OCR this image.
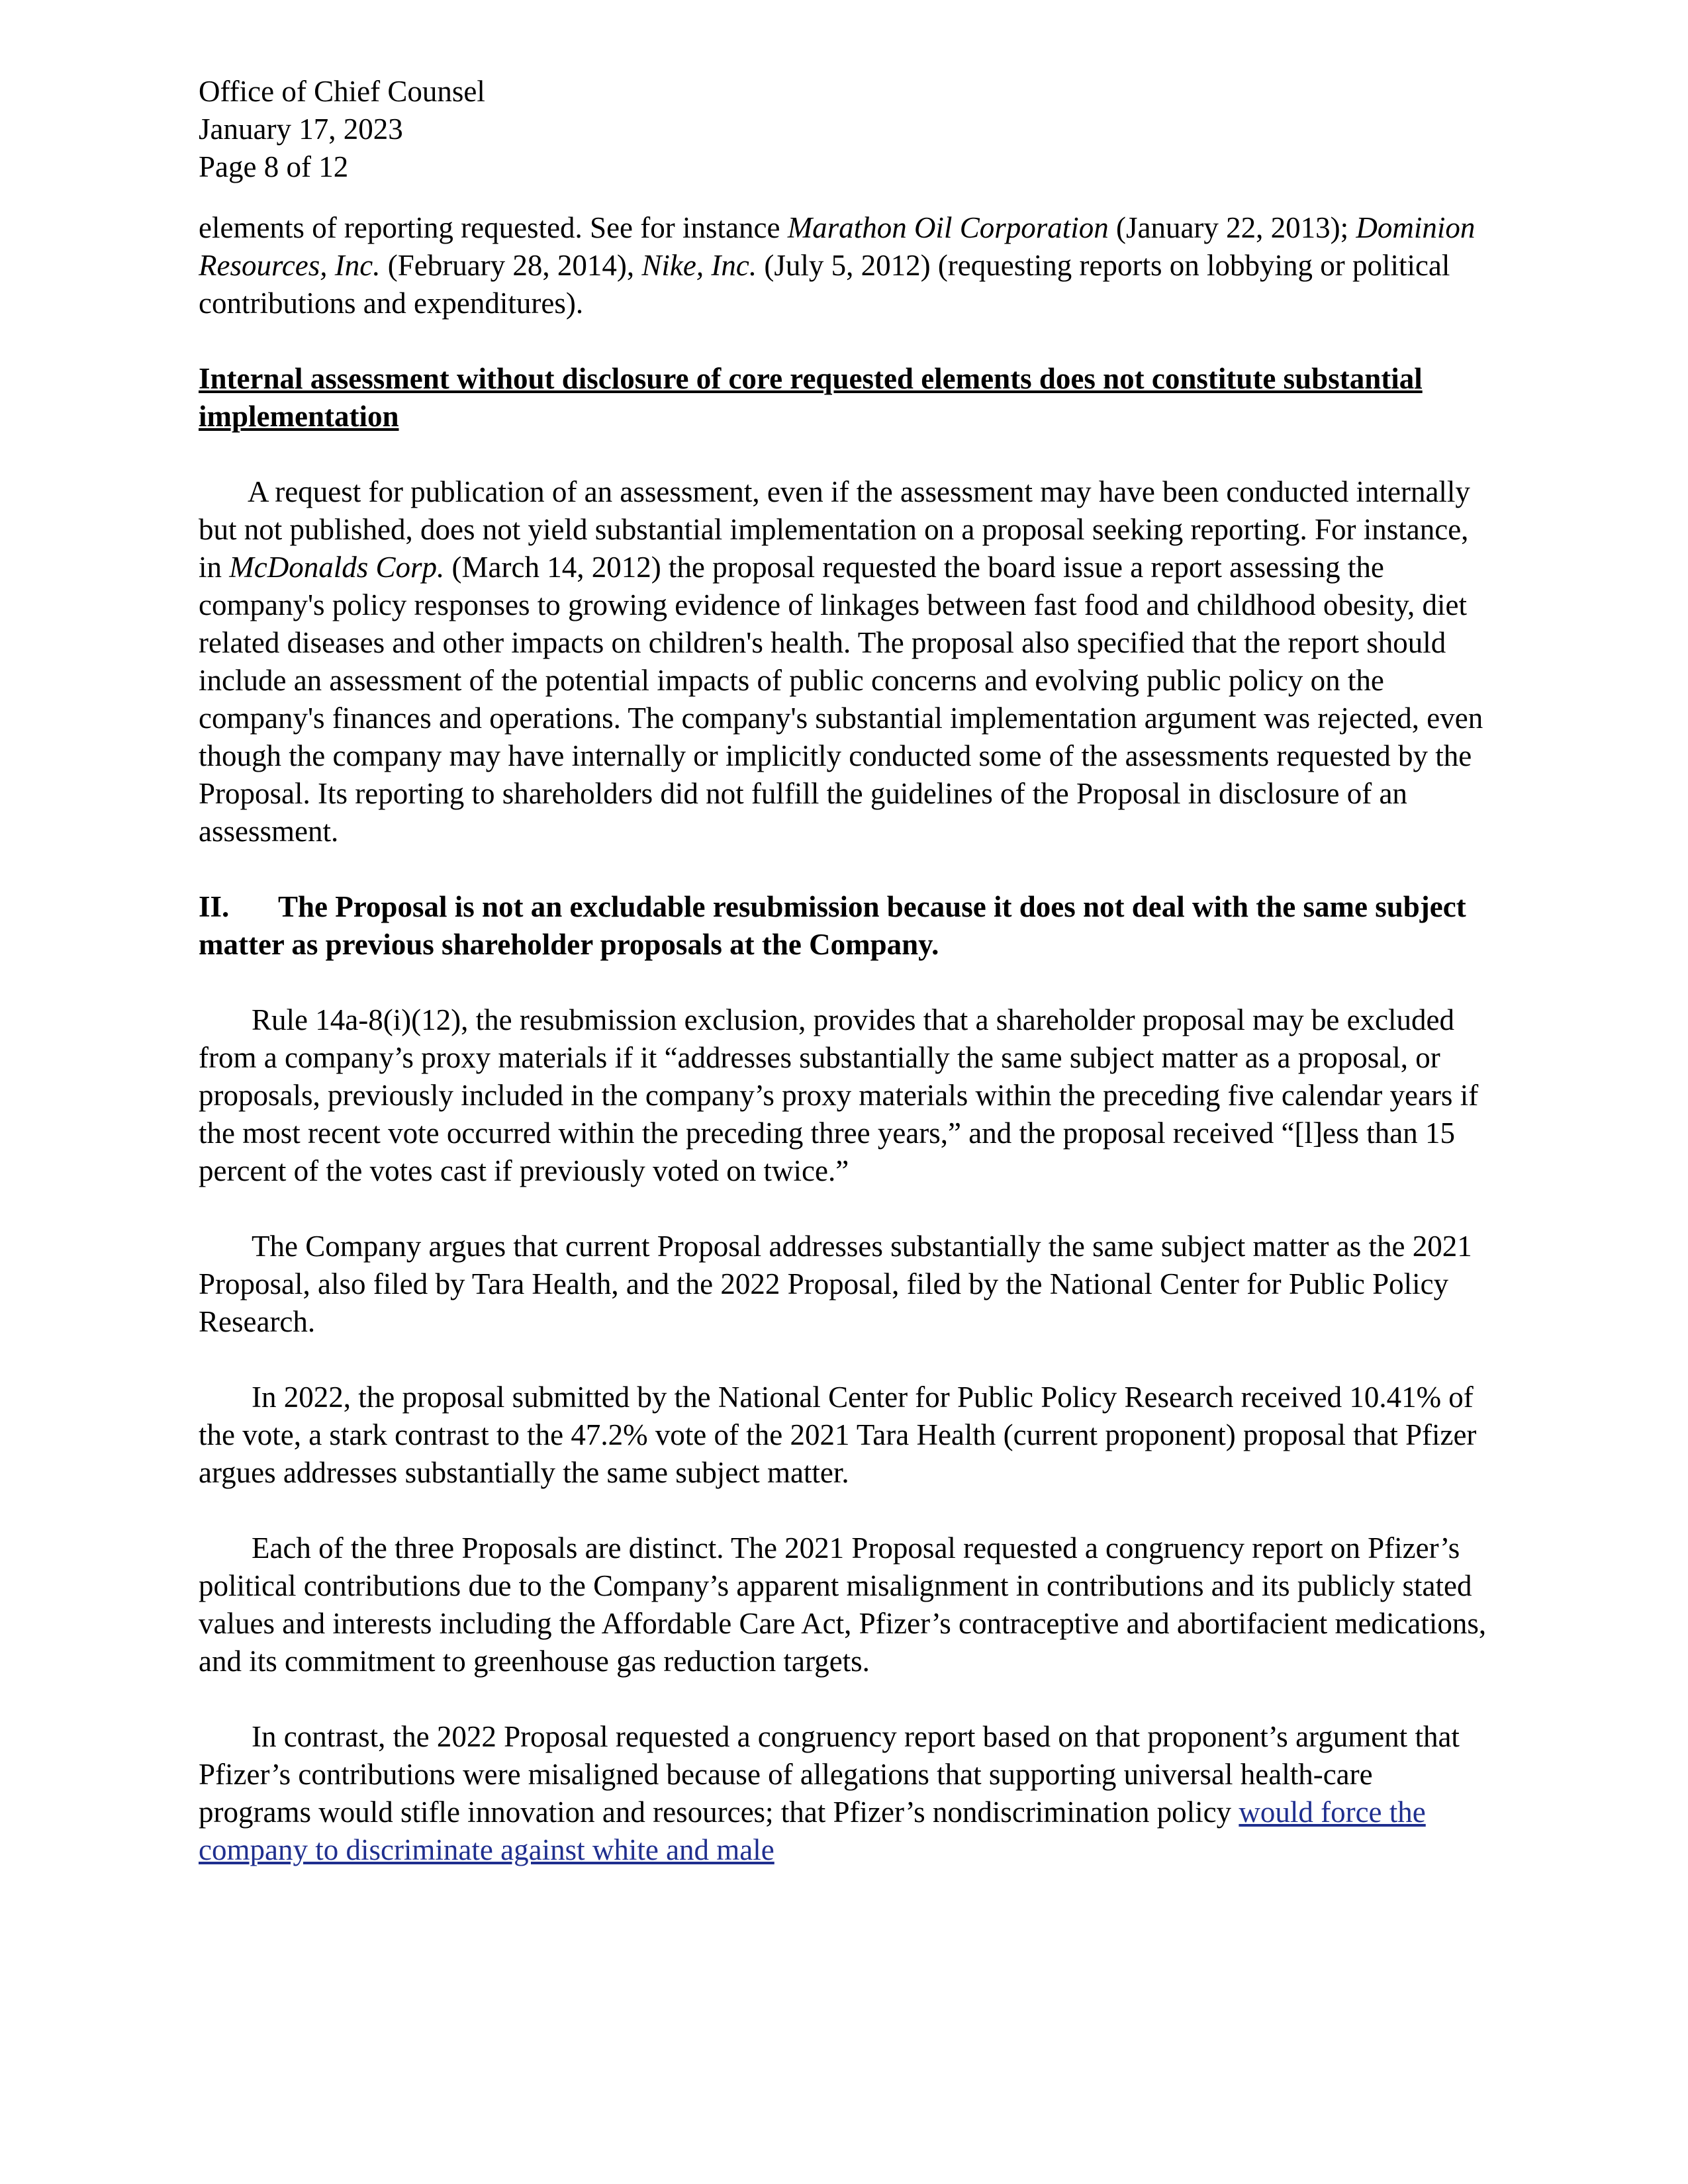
Office of Chief Counsel
January 17, 2023
Page 8 of 12

elements of reporting requested. See for instance Marathon Oil Corporation (January 22, 2013); Dominion Resources, Inc. (February 28, 2014), Nike, Inc. (July 5, 2012) (requesting reports on lobbying or political contributions and expenditures).

Internal assessment without disclosure of core requested elements does not constitute substantial implementation

A request for publication of an assessment, even if the assessment may have been conducted internally but not published, does not yield substantial implementation on a proposal seeking reporting. For instance, in McDonalds Corp. (March 14, 2012) the proposal requested the board issue a report assessing the company's policy responses to growing evidence of linkages between fast food and childhood obesity, diet related diseases and other impacts on children's health. The proposal also specified that the report should include an assessment of the potential impacts of public concerns and evolving public policy on the company's finances and operations. The company's substantial implementation argument was rejected, even though the company may have internally or implicitly conducted some of the assessments requested by the Proposal. Its reporting to shareholders did not fulfill the guidelines of the Proposal in disclosure of an assessment.

II. The Proposal is not an excludable resubmission because it does not deal with the same subject matter as previous shareholder proposals at the Company.

Rule 14a-8(i)(12), the resubmission exclusion, provides that a shareholder proposal may be excluded from a company’s proxy materials if it “addresses substantially the same subject matter as a proposal, or proposals, previously included in the company’s proxy materials within the preceding five calendar years if the most recent vote occurred within the preceding three years,” and the proposal received “[l]ess than 15 percent of the votes cast if previously voted on twice.”

The Company argues that current Proposal addresses substantially the same subject matter as the 2021 Proposal, also filed by Tara Health, and the 2022 Proposal, filed by the National Center for Public Policy Research.

In 2022, the proposal submitted by the National Center for Public Policy Research received 10.41% of the vote, a stark contrast to the 47.2% vote of the 2021 Tara Health (current proponent) proposal that Pfizer argues addresses substantially the same subject matter.

Each of the three Proposals are distinct. The 2021 Proposal requested a congruency report on Pfizer’s political contributions due to the Company’s apparent misalignment in contributions and its publicly stated values and interests including the Affordable Care Act, Pfizer’s contraceptive and abortifacient medications, and its commitment to greenhouse gas reduction targets.

In contrast, the 2022 Proposal requested a congruency report based on that proponent’s argument that Pfizer’s contributions were misaligned because of allegations that supporting universal health-care programs would stifle innovation and resources; that Pfizer’s nondiscrimination policy would force the company to discriminate against white and male
